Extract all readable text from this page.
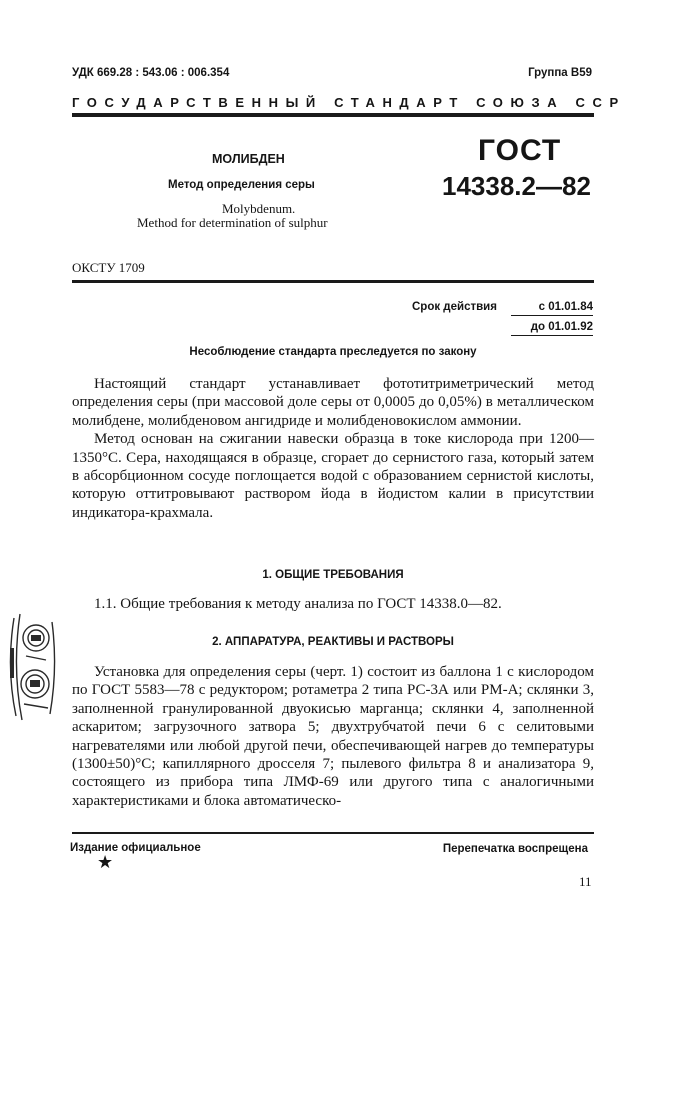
УДК 669.28 : 543.06 : 006.354	Группа В59
ГОСУДАРСТВЕННЫЙ СТАНДАРТ СОЮЗА ССР
ГОСТ
14338.2—82
МОЛИБДЕН
Метод определения серы
Molybdenum.
Method for determination of sulphur
ОКСТУ 1709
Срок действия	с 01.01.84
до 01.01.92
Несоблюдение стандарта преследуется по закону

Настоящий стандарт устанавливает фототитриметрический метод определения серы (при массовой доле серы от 0,0005 до 0,05%) в металлическом молибдене, молибденовом ангидриде и молибденовокислом аммонии.

Метод основан на сжигании навески образца в токе кислорода при 1200—1350°С. Сера, находящаяся в образце, сгорает до сернистого газа, который затем в абсорбционном сосуде поглощается водой с образованием сернистой кислоты, которую оттитровывают раствором йода в йодистом калии в присутствии индикатора-крахмала.

1. ОБЩИЕ ТРЕБОВАНИЯ

1.1. Общие требования к методу анализа по ГОСТ 14338.0—82.

2. АППАРАТУРА, РЕАКТИВЫ И РАСТВОРЫ

Установка для определения серы (черт. 1) состоит из баллона 1 с кислородом по ГОСТ 5583—78 с редуктором; ротаметра 2 типа РС-3А или РМ-А; склянки 3, заполненной гранулированной двуокисью марганца; склянки 4, заполненной аскаритом; загрузочного затвора 5; двухтрубчатой печи 6 с селитовыми нагревателями или любой другой печи, обеспечивающей нагрев до температуры (1300±50)°С; капиллярного дросселя 7; пылевого фильтра 8 и анализатора 9, состоящего из прибора типа ЛМФ-69 или другого типа с аналогичными характеристиками и блока автоматическо-

Издание официальное
★
Перепечатка воспрещена
11
